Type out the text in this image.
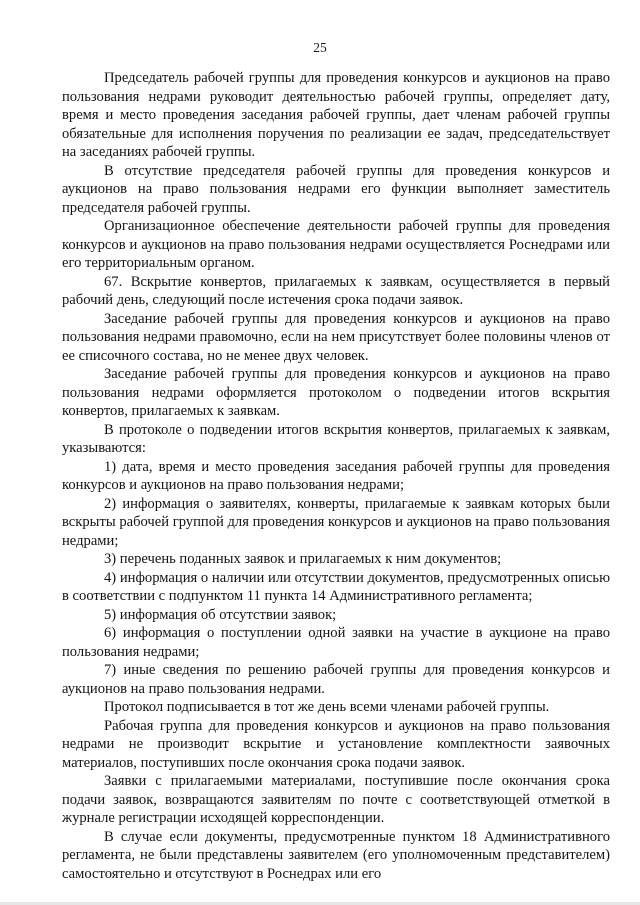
25

Председатель рабочей группы для проведения конкурсов и аукционов на право пользования недрами руководит деятельностью рабочей группы, определяет дату, время и место проведения заседания рабочей группы, дает членам рабочей группы обязательные для исполнения поручения по реализации ее задач, председательствует на заседаниях рабочей группы.

В отсутствие председателя рабочей группы для проведения конкурсов и аукционов на право пользования недрами его функции выполняет заместитель председателя рабочей группы.

Организационное обеспечение деятельности рабочей группы для проведения конкурсов и аукционов на право пользования недрами осуществляется Роснедрами или его территориальным органом.

67. Вскрытие конвертов, прилагаемых к заявкам, осуществляется в первый рабочий день, следующий после истечения срока подачи заявок.

Заседание рабочей группы для проведения конкурсов и аукционов на право пользования недрами правомочно, если на нем присутствует более половины членов от ее списочного состава, но не менее двух человек.

Заседание рабочей группы для проведения конкурсов и аукционов на право пользования недрами оформляется протоколом о подведении итогов вскрытия конвертов, прилагаемых к заявкам.

В протоколе о подведении итогов вскрытия конвертов, прилагаемых к заявкам, указываются:

1) дата, время и место проведения заседания рабочей группы для проведения конкурсов и аукционов на право пользования недрами;

2) информация о заявителях, конверты, прилагаемые к заявкам которых были вскрыты рабочей группой для проведения конкурсов и аукционов на право пользования недрами;

3) перечень поданных заявок и прилагаемых к ним документов;

4) информация о наличии или отсутствии документов, предусмотренных описью в соответствии с подпунктом 11 пункта 14 Административного регламента;

5) информация об отсутствии заявок;

6) информация о поступлении одной заявки на участие в аукционе на право пользования недрами;

7) иные сведения по решению рабочей группы для проведения конкурсов и аукционов на право пользования недрами.

Протокол подписывается в тот же день всеми членами рабочей группы.

Рабочая группа для проведения конкурсов и аукционов на право пользования недрами не производит вскрытие и установление комплектности заявочных материалов, поступивших после окончания срока подачи заявок.

Заявки с прилагаемыми материалами, поступившие после окончания срока подачи заявок, возвращаются заявителям по почте с соответствующей отметкой в журнале регистрации исходящей корреспонденции.

В случае если документы, предусмотренные пунктом 18 Административного регламента, не были представлены заявителем (его уполномоченным представителем) самостоятельно и отсутствуют в Роснедрах или его
